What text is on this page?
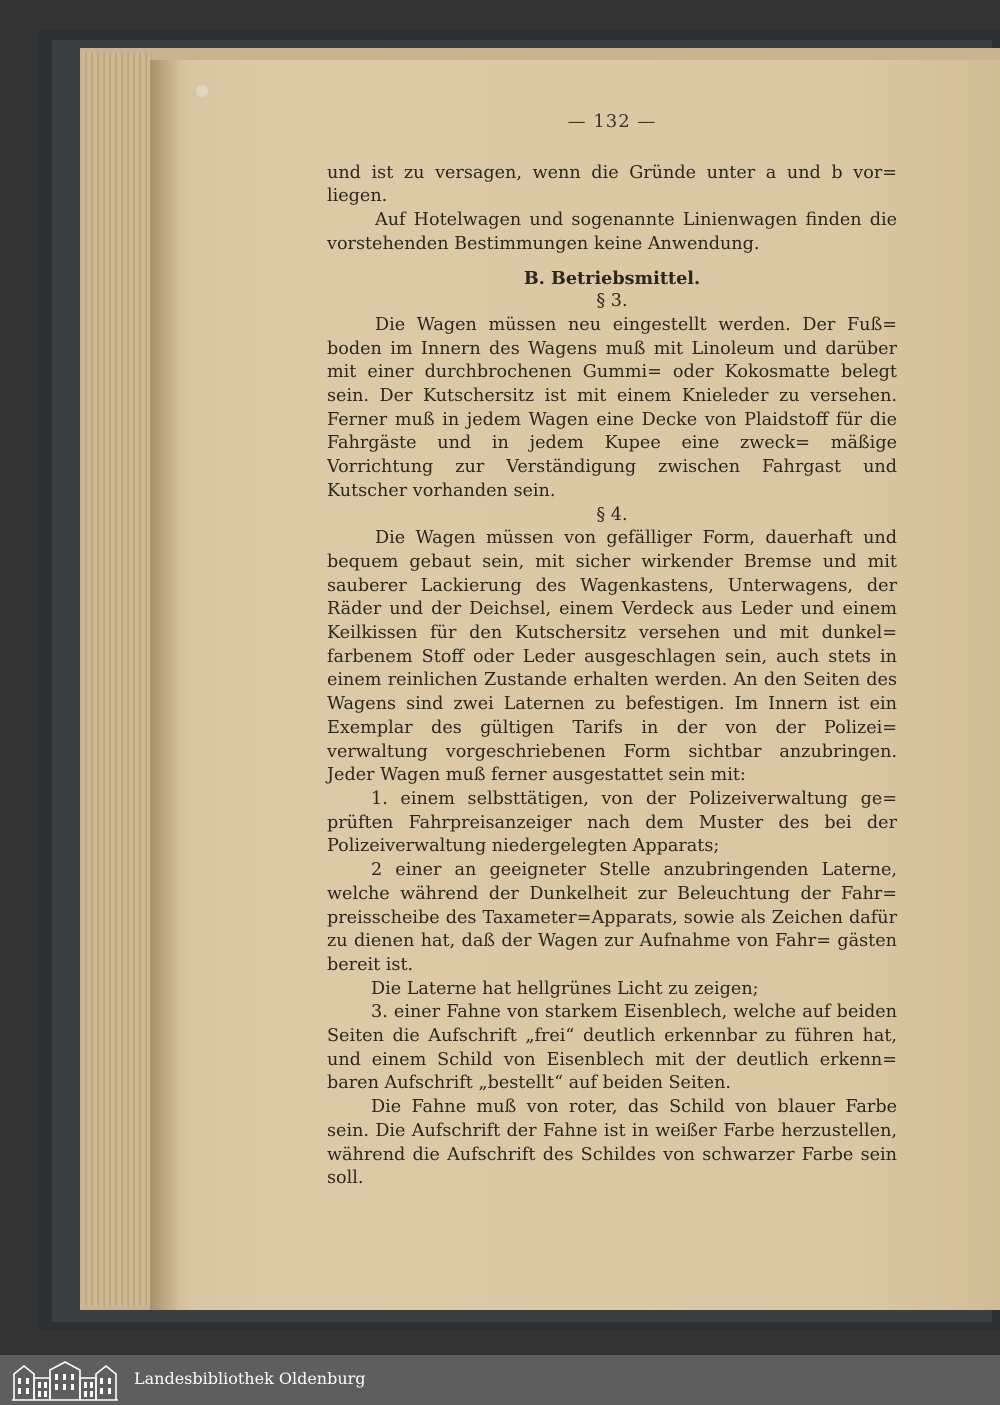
— 132 —
und ist zu versagen, wenn die Gründe unter a und b vor= liegen.
Auf Hotelwagen und sogenannte Linienwagen finden die vorstehenden Bestimmungen keine Anwendung.
B. Betriebsmittel.
§ 3.
Die Wagen müssen neu eingestellt werden. Der Fuß= boden im Innern des Wagens muß mit Linoleum und darüber mit einer durchbrochenen Gummi= oder Kokosmatte belegt sein. Der Kutschersitz ist mit einem Knieleder zu versehen. Ferner muß in jedem Wagen eine Decke von Plaidstoff für die Fahrgäste und in jedem Kupee eine zweck= mäßige Vorrichtung zur Verständigung zwischen Fahrgast und Kutscher vorhanden sein.
§ 4.
Die Wagen müssen von gefälliger Form, dauerhaft und bequem gebaut sein, mit sicher wirkender Bremse und mit sauberer Lackierung des Wagenkastens, Unterwagens, der Räder und der Deichsel, einem Verdeck aus Leder und einem Keilkissen für den Kutschersitz versehen und mit dunkel= farbenem Stoff oder Leder ausgeschlagen sein, auch stets in einem reinlichen Zustande erhalten werden. An den Seiten des Wagens sind zwei Laternen zu befestigen. Im Innern ist ein Exemplar des gültigen Tarifs in der von der Polizei= verwaltung vorgeschriebenen Form sichtbar anzubringen. Jeder Wagen muß ferner ausgestattet sein mit:
1. einem selbsttätigen, von der Polizeiverwaltung ge= prüften Fahrpreisanzeiger nach dem Muster des bei der Polizeiverwaltung niedergelegten Apparats;
2 einer an geeigneter Stelle anzubringenden Laterne, welche während der Dunkelheit zur Beleuchtung der Fahr= preisscheibe des Taxameter=Apparats, sowie als Zeichen dafür zu dienen hat, daß der Wagen zur Aufnahme von Fahr= gästen bereit ist.
Die Laterne hat hellgrünes Licht zu zeigen;
3. einer Fahne von starkem Eisenblech, welche auf beiden Seiten die Aufschrift „frei“ deutlich erkennbar zu führen hat, und einem Schild von Eisenblech mit der deutlich erkenn= baren Aufschrift „bestellt“ auf beiden Seiten.
Die Fahne muß von roter, das Schild von blauer Farbe sein. Die Aufschrift der Fahne ist in weißer Farbe herzustellen, während die Aufschrift des Schildes von schwarzer Farbe sein soll.
Landesbibliothek Oldenburg
